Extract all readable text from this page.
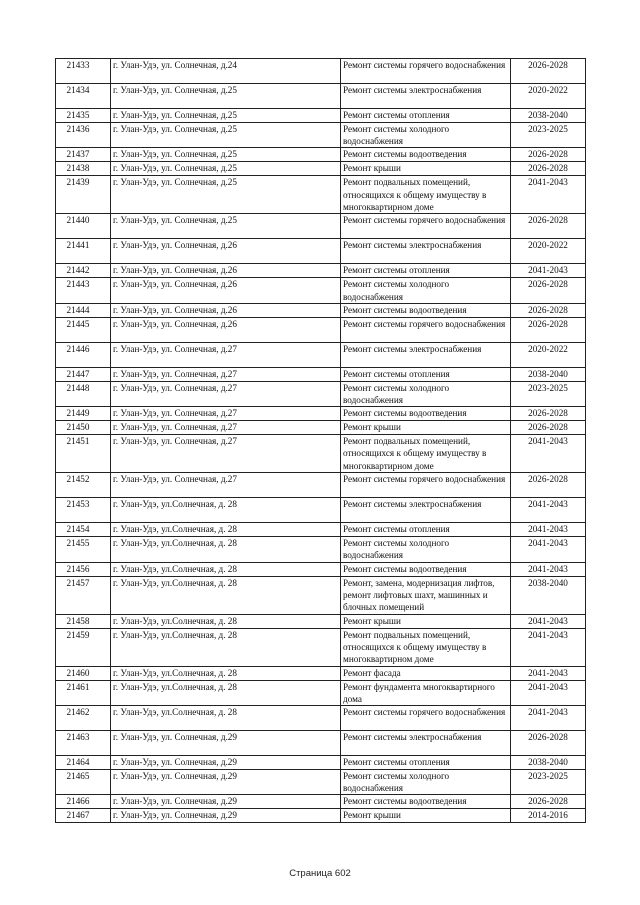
21433	г. Улан-Удэ, ул. Солнечная, д.24	Ремонт системы горячего водоснабжения	2026-2028
21434	г. Улан-Удэ, ул. Солнечная, д.25	Ремонт системы электроснабжения	2020-2022
21435	г. Улан-Удэ, ул. Солнечная, д.25	Ремонт системы отопления	2038-2040
21436	г. Улан-Удэ, ул. Солнечная, д.25	Ремонт системы холодного водоснабжения	2023-2025
21437	г. Улан-Удэ, ул. Солнечная, д.25	Ремонт системы водоотведения	2026-2028
21438	г. Улан-Удэ, ул. Солнечная, д.25	Ремонт крыши	2026-2028
21439	г. Улан-Удэ, ул. Солнечная, д.25	Ремонт подвальных помещений, относящихся к общему имуществу в многоквартирном доме	2041-2043
21440	г. Улан-Удэ, ул. Солнечная, д.25	Ремонт системы горячего водоснабжения	2026-2028
21441	г. Улан-Удэ, ул. Солнечная, д.26	Ремонт системы электроснабжения	2020-2022
21442	г. Улан-Удэ, ул. Солнечная, д.26	Ремонт системы отопления	2041-2043
21443	г. Улан-Удэ, ул. Солнечная, д.26	Ремонт системы холодного водоснабжения	2026-2028
21444	г. Улан-Удэ, ул. Солнечная, д.26	Ремонт системы водоотведения	2026-2028
21445	г. Улан-Удэ, ул. Солнечная, д.26	Ремонт системы горячего водоснабжения	2026-2028
21446	г. Улан-Удэ, ул. Солнечная, д.27	Ремонт системы электроснабжения	2020-2022
21447	г. Улан-Удэ, ул. Солнечная, д.27	Ремонт системы отопления	2038-2040
21448	г. Улан-Удэ, ул. Солнечная, д.27	Ремонт системы холодного водоснабжения	2023-2025
21449	г. Улан-Удэ, ул. Солнечная, д.27	Ремонт системы водоотведения	2026-2028
21450	г. Улан-Удэ, ул. Солнечная, д.27	Ремонт крыши	2026-2028
21451	г. Улан-Удэ, ул. Солнечная, д.27	Ремонт подвальных помещений, относящихся к общему имуществу в многоквартирном доме	2041-2043
21452	г. Улан-Удэ, ул. Солнечная, д.27	Ремонт системы горячего водоснабжения	2026-2028
21453	г. Улан-Удэ, ул.Солнечная, д. 28	Ремонт системы электроснабжения	2041-2043
21454	г. Улан-Удэ, ул.Солнечная, д. 28	Ремонт системы отопления	2041-2043
21455	г. Улан-Удэ, ул.Солнечная, д. 28	Ремонт системы холодного водоснабжения	2041-2043
21456	г. Улан-Удэ, ул.Солнечная, д. 28	Ремонт системы водоотведения	2041-2043
21457	г. Улан-Удэ, ул.Солнечная, д. 28	Ремонт, замена, модернизация лифтов, ремонт лифтовых шахт, машинных и блочных помещений	2038-2040
21458	г. Улан-Удэ, ул.Солнечная, д. 28	Ремонт крыши	2041-2043
21459	г. Улан-Удэ, ул.Солнечная, д. 28	Ремонт подвальных помещений, относящихся к общему имуществу в многоквартирном доме	2041-2043
21460	г. Улан-Удэ, ул.Солнечная, д. 28	Ремонт фасада	2041-2043
21461	г. Улан-Удэ, ул.Солнечная, д. 28	Ремонт фундамента многоквартирного дома	2041-2043
21462	г. Улан-Удэ, ул.Солнечная, д. 28	Ремонт системы горячего водоснабжения	2041-2043
21463	г. Улан-Удэ, ул. Солнечная, д.29	Ремонт системы электроснабжения	2026-2028
21464	г. Улан-Удэ, ул. Солнечная, д.29	Ремонт системы отопления	2038-2040
21465	г. Улан-Удэ, ул. Солнечная, д.29	Ремонт системы холодного водоснабжения	2023-2025
21466	г. Улан-Удэ, ул. Солнечная, д.29	Ремонт системы водоотведения	2026-2028
21467	г. Улан-Удэ, ул. Солнечная, д.29	Ремонт крыши	2014-2016
Страница 602
